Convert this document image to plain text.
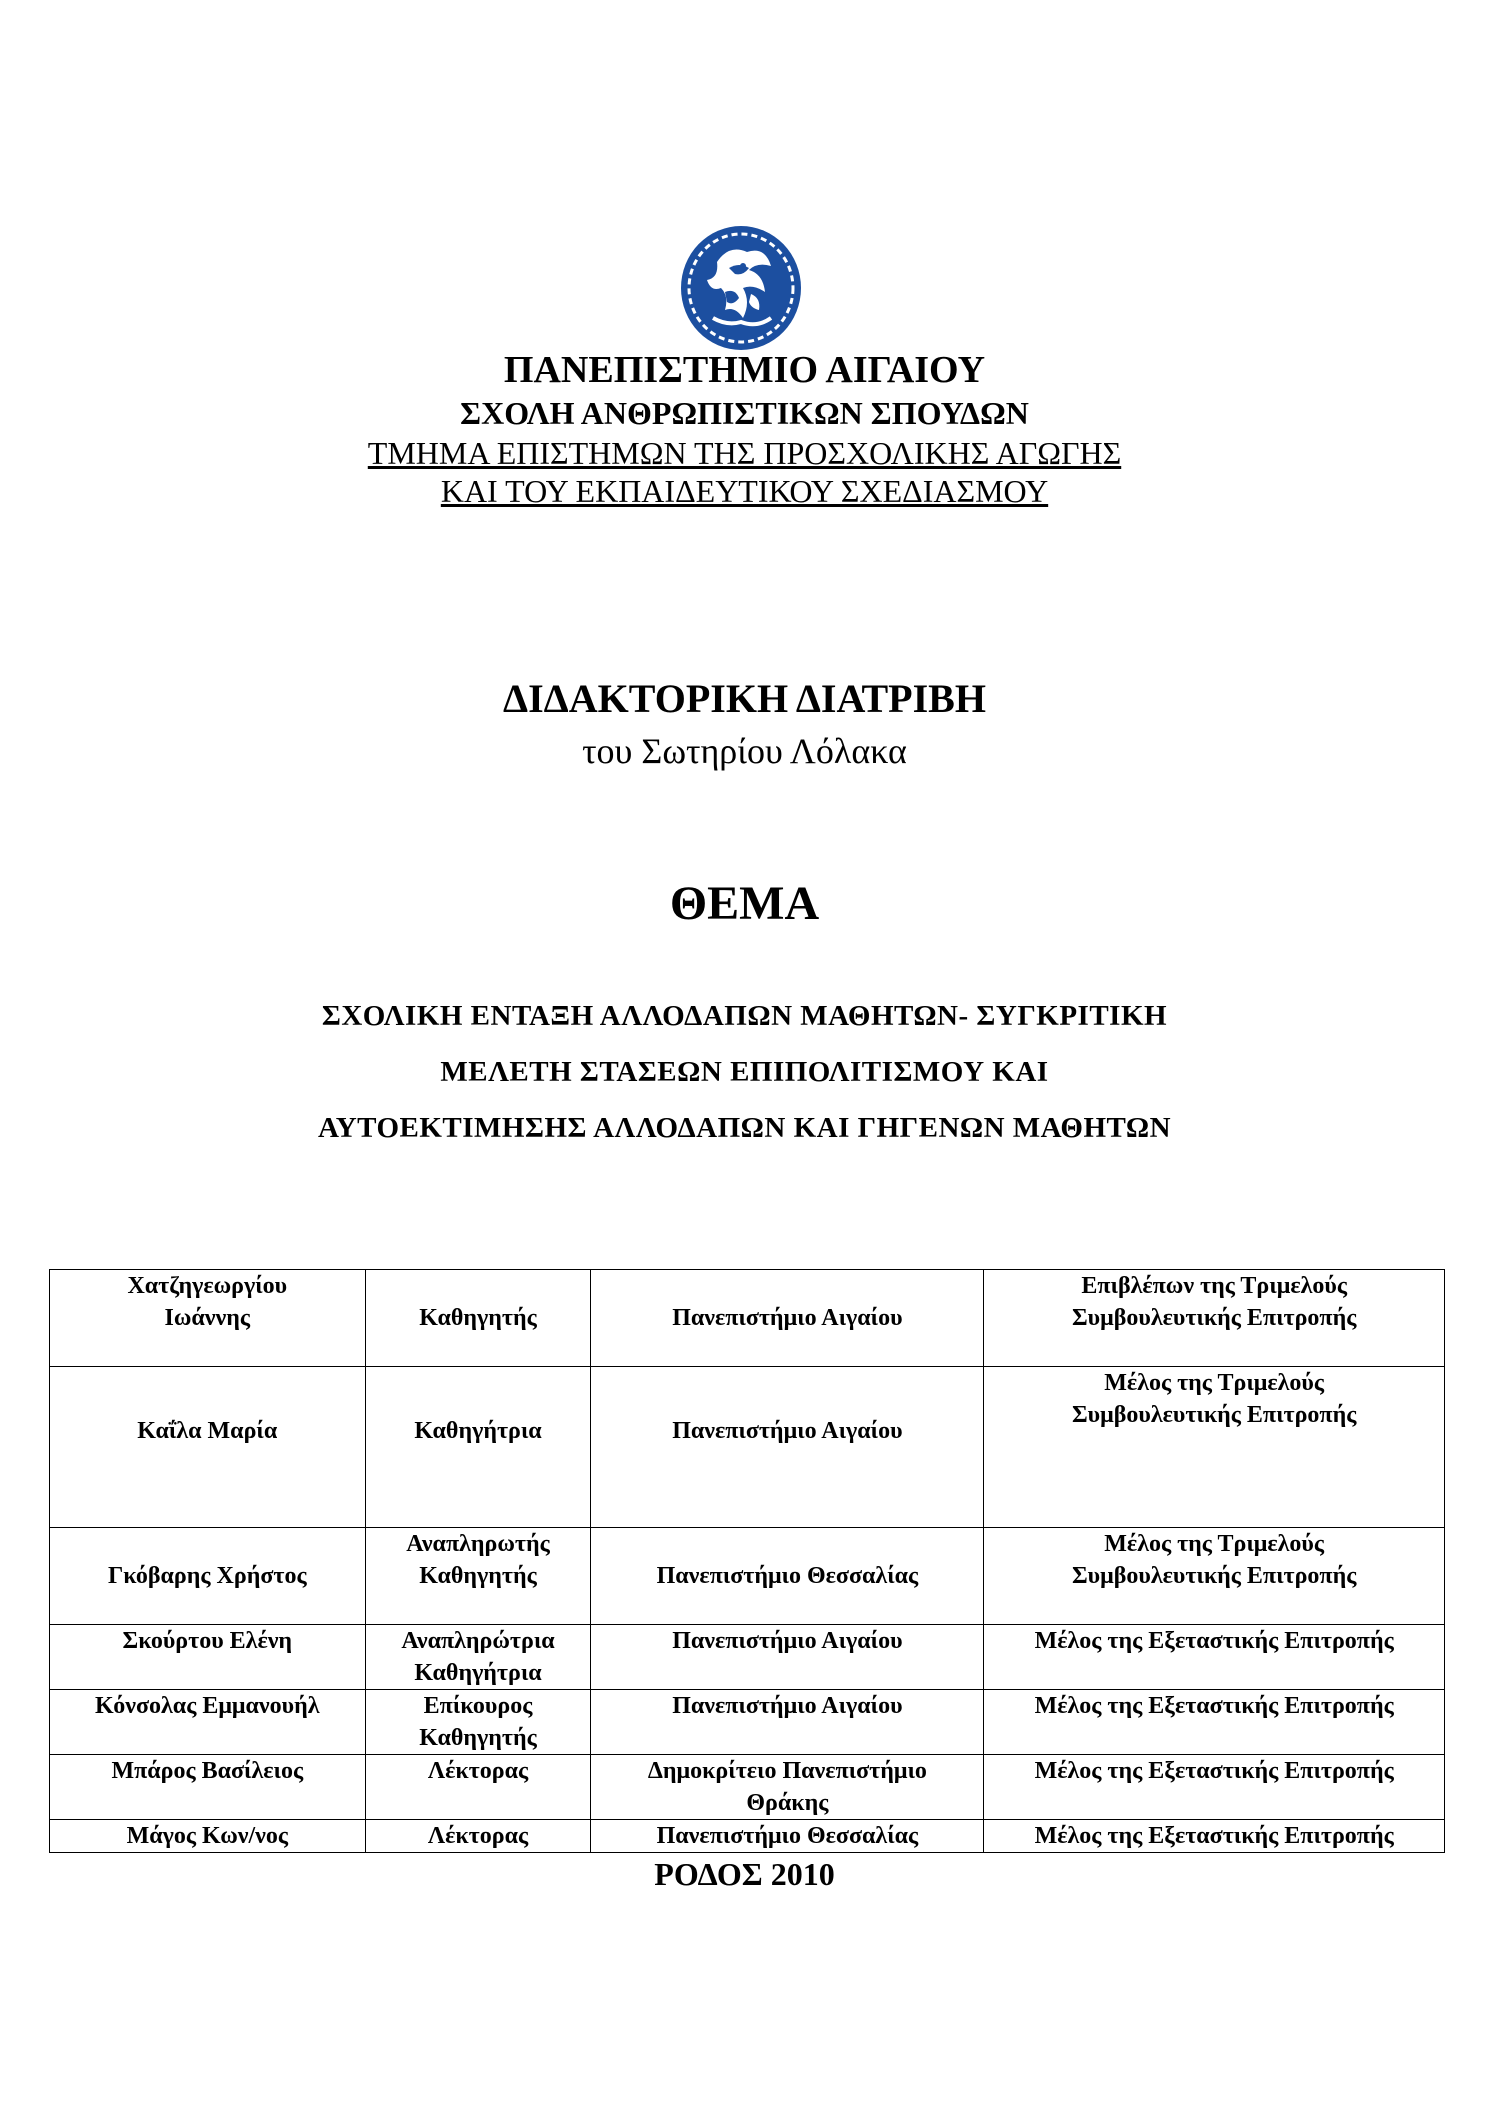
ΠΑΝΕΠΙΣΤΗΜΙΟ ΑΙΓΑΙΟΥ
ΣΧΟΛΗ ΑΝΘΡΩΠΙΣΤΙΚΩΝ ΣΠΟΥΔΩΝ
ΤΜΗΜΑ ΕΠΙΣΤΗΜΩΝ ΤΗΣ ΠΡΟΣΧΟΛΙΚΗΣ ΑΓΩΓΗΣ
ΚΑΙ ΤΟΥ ΕΚΠΑΙΔΕΥΤΙΚΟΥ ΣΧΕΔΙΑΣΜΟΥ
ΔΙΔΑΚΤΟΡΙΚΗ ΔΙΑΤΡΙΒΗ
του Σωτηρίου Λόλακα
ΘΕΜΑ
ΣΧΟΛΙΚΗ ΕΝΤΑΞΗ ΑΛΛΟΔΑΠΩΝ ΜΑΘΗΤΩΝ- ΣΥΓΚΡΙΤΙΚΗ
ΜΕΛΕΤΗ ΣΤΑΣΕΩΝ ΕΠΙΠΟΛΙΤΙΣΜΟΥ ΚΑΙ
ΑΥΤΟΕΚΤΙΜΗΣΗΣ ΑΛΛΟΔΑΠΩΝ ΚΑΙ ΓΗΓΕΝΩΝ ΜΑΘΗΤΩΝ
Χατζηγεωργίου Ιωάννης	Καθηγητής	Πανεπιστήμιο Αιγαίου	Επιβλέπων της Τριμελούς Συμβουλευτικής Επιτροπής

Καΐλα Μαρία	Καθηγήτρια	Πανεπιστήμιο Αιγαίου	Μέλος της Τριμελούς Συμβουλευτικής Επιτροπής

Γκόβαρης Χρήστος	Αναπληρωτής Καθηγητής	Πανεπιστήμιο Θεσσαλίας	Μέλος της Τριμελούς Συμβουλευτικής Επιτροπής

Σκούρτου Ελένη	Αναπληρώτρια Καθηγήτρια	Πανεπιστήμιο Αιγαίου	Μέλος της Εξεταστικής Επιτροπής
Κόνσολας Εμμανουήλ	Επίκουρος Καθηγητής	Πανεπιστήμιο Αιγαίου	Μέλος της Εξεταστικής Επιτροπής
Μπάρος Βασίλειος	Λέκτορας	Δημοκρίτειο Πανεπιστήμιο Θράκης	Μέλος της Εξεταστικής Επιτροπής
Μάγος Κων/νος	Λέκτορας	Πανεπιστήμιο Θεσσαλίας	Μέλος της Εξεταστικής Επιτροπής
ΡΟΔΟΣ 2010
